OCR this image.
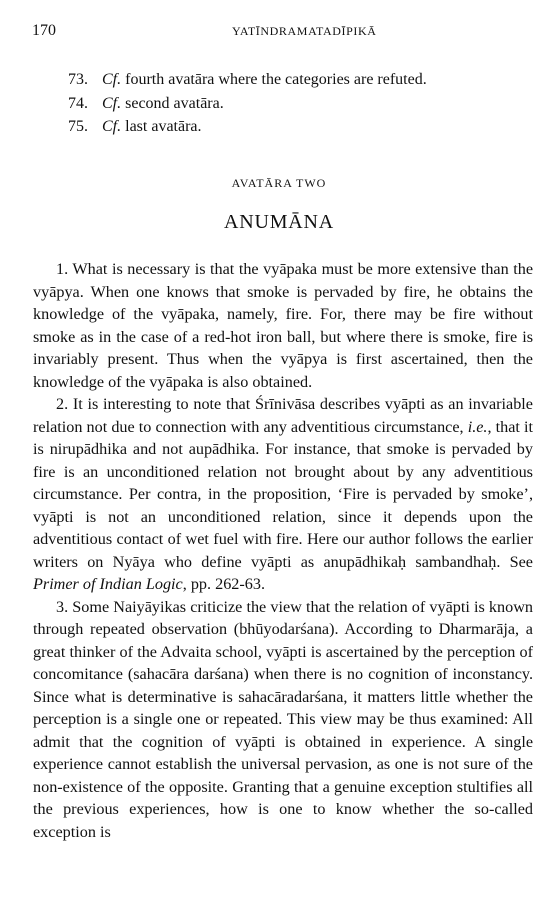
170	YATĪNDRAMATADĪPIKĀ
73. Cf. fourth avatāra where the categories are refuted.
74. Cf. second avatāra.
75. Cf. last avatāra.
AVATĀRA TWO
ANUMĀNA

1. What is necessary is that the vyāpaka must be more extensive than the vyāpya. When one knows that smoke is pervaded by fire, he obtains the knowledge of the vyāpaka, namely, fire. For, there may be fire without smoke as in the case of a red-hot iron ball, but where there is smoke, fire is invariably present. Thus when the vyāpya is first ascertained, then the knowledge of the vyāpaka is also obtained.

2. It is interesting to note that Śrīnivāsa describes vyāpti as an invariable relation not due to connection with any adventitious circumstance, i.e., that it is nirupādhika and not aupādhika. For instance, that smoke is pervaded by fire is an unconditioned relation not brought about by any adventitious circumstance. Per contra, in the proposition, ‘Fire is pervaded by smoke’, vyāpti is not an unconditioned relation, since it depends upon the adventitious contact of wet fuel with fire. Here our author follows the earlier writers on Nyāya who define vyāpti as anupādhikaḥ sambandhaḥ. See Primer of Indian Logic, pp. 262-63.

3. Some Naiyāyikas criticize the view that the relation of vyāpti is known through repeated observation (bhūyodarśana). According to Dharmarāja, a great thinker of the Advaita school, vyāpti is ascertained by the perception of concomitance (sahacāra darśana) when there is no cognition of inconstancy. Since what is determinative is sahacāradarśana, it matters little whether the perception is a single one or repeated. This view may be thus examined: All admit that the cognition of vyāpti is obtained in experience. A single experience cannot establish the universal pervasion, as one is not sure of the non-existence of the opposite. Granting that a genuine exception stultifies all the previous experiences, how is one to know whether the so-called exception is
